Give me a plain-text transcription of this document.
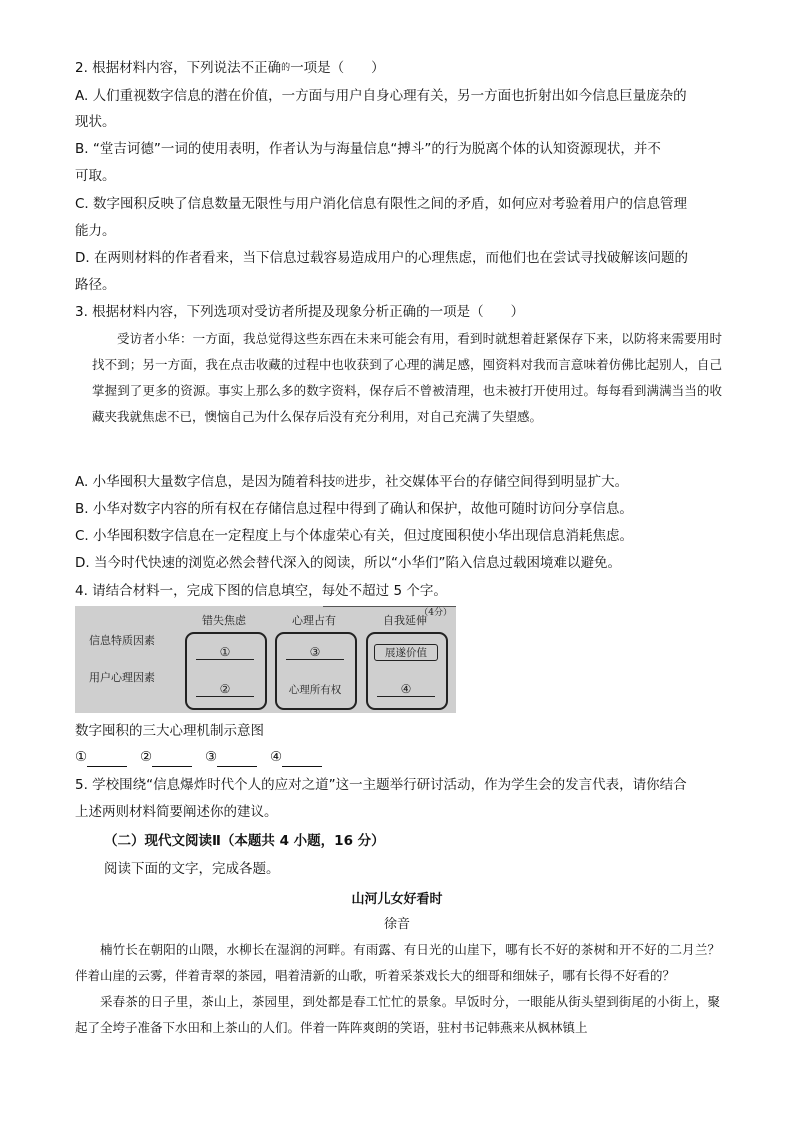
2. 根据材料内容，下列说法不正确$^的$一项是（　　）
A. 人们重视数字信息的潜在价值，一方面与用户自身心理有关，另一方面也折射出如今信息巨量庞杂的
现状。
B. “堂吉诃德”一词的使用表明，作者认为与海量信息“搏斗”的行为脱离个体的认知资源现状，并不
可取。
C. 数字囤积反映了信息数量无限性与用户消化信息有限性之间的矛盾，如何应对考验着用户的信息管理
能力。
D. 在两则材料的作者看来，当下信息过载容易造成用户的心理焦虑，而他们也在尝试寻找破解该问题的
路径。
3. 根据材料内容，下列选项对受访者所提及现象分析正确的一项是（　　）

受访者小华：一方面，我总觉得这些东西在未来可能会有用，看到时就想着赶紧保存下来，以防将来需要用时找不到；另一方面，我在点击收藏的过程中也收获到了心理的满足感，囤资料对我而言意味着仿佛比起别人，自己掌握到了更多的资源。事实上那么多的数字资料，保存后不曾被清理，也未被打开使用过。每每看到满满当当的收藏夹我就焦虑不已，懊恼自己为什么保存后没有充分利用，对自己充满了失望感。

A. 小华囤积大量数字信息，是因为随着科技$^的$进步，社交媒体平台的存储空间得到明显扩大。
B. 小华对数字内容的所有权在存储信息过程中得到了确认和保护，故他可随时访问分享信息。
C. 小华囤积数字信息在一定程度上与个体虚荣心有关，但过度囤积使小华出现信息消耗焦虑。
D. 当今时代快速的浏览必然会替代深入的阅读，所以“小华们”陷入信息过载困境难以避免。
4. 请结合材料一，完成下图的信息填空，每处不超过 5 个字。
（4分）
信息特质因素
用户心理因素
错失焦虑
①
②
心理占有
③
心理所有权
自我延伸
展遂价值
④
数字囤积的三大心理机制示意图
①	②	③	④
5. 学校围绕“信息爆炸时代个人的应对之道”这一主题举行研讨活动，作为学生会的发言代表，请你结合
上述两则材料简要阐述你的建议。
（二）现代文阅读Ⅱ（本题共 4 小题，16 分）
阅读下面的文字，完成各题。
山河儿女好看时
徐音

楠竹长在朝阳的山隈，水柳长在湿润的河畔。有雨露、有日光的山崖下，哪有长不好的茶树和开不好的二月兰？伴着山崖的云雾，伴着青翠的茶园，唱着清新的山歌，听着采茶戏长大的细哥和细妹子，哪有长得不好看的？

采春茶的日子里，茶山上，茶园里，到处都是春工忙忙的景象。早饭时分，一眼能从街头望到街尾的小街上，聚起了全垮子准备下水田和上茶山的人们。伴着一阵阵爽朗的笑语，驻村书记韩燕来从枫林镇上
